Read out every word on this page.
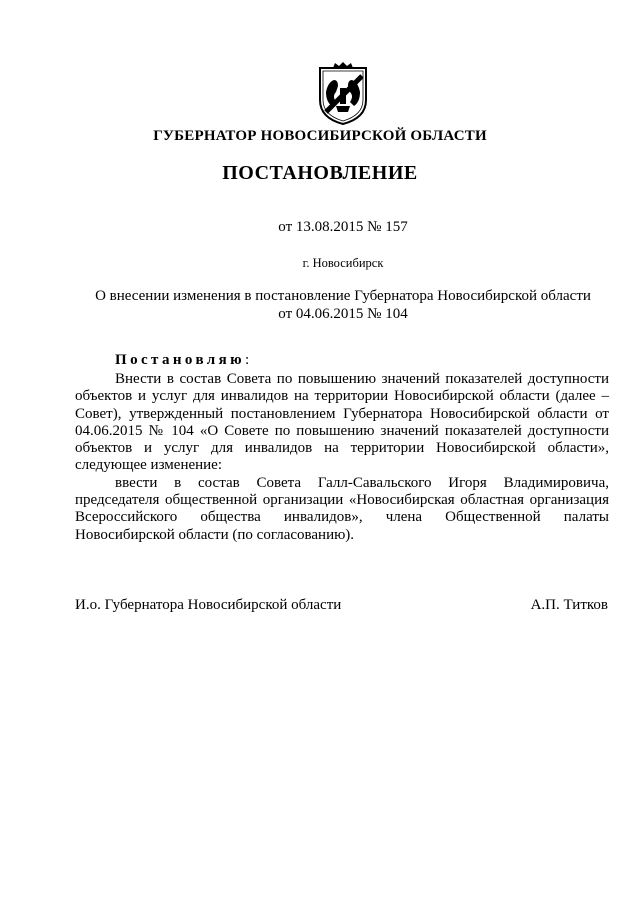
ГУБЕРНАТОР НОВОСИБИРСКОЙ ОБЛАСТИ
ПОСТАНОВЛЕНИЕ
от 13.08.2015 № 157
г. Новосибирск
О внесении изменения в постановление Губернатора Новосибирской области
от 04.06.2015 № 104
Постановляю:

Внести в состав Совета по повышению значений показателей доступности объектов и услуг для инвалидов на территории Новосибирской области (далее – Совет), утвержденный постановлением Губернатора Новосибирской области от 04.06.2015 № 104 «О Совете по повышению значений показателей доступности объектов и услуг для инвалидов на территории Новосибирской области», следующее изменение:

ввести в состав Совета Галл-Савальского Игоря Владимировича, председателя общественной организации «Новосибирская областная организация Всероссийского общества инвалидов», члена Общественной палаты Новосибирской области (по согласованию).

И.о. Губернатора Новосибирской области	А.П. Титков
